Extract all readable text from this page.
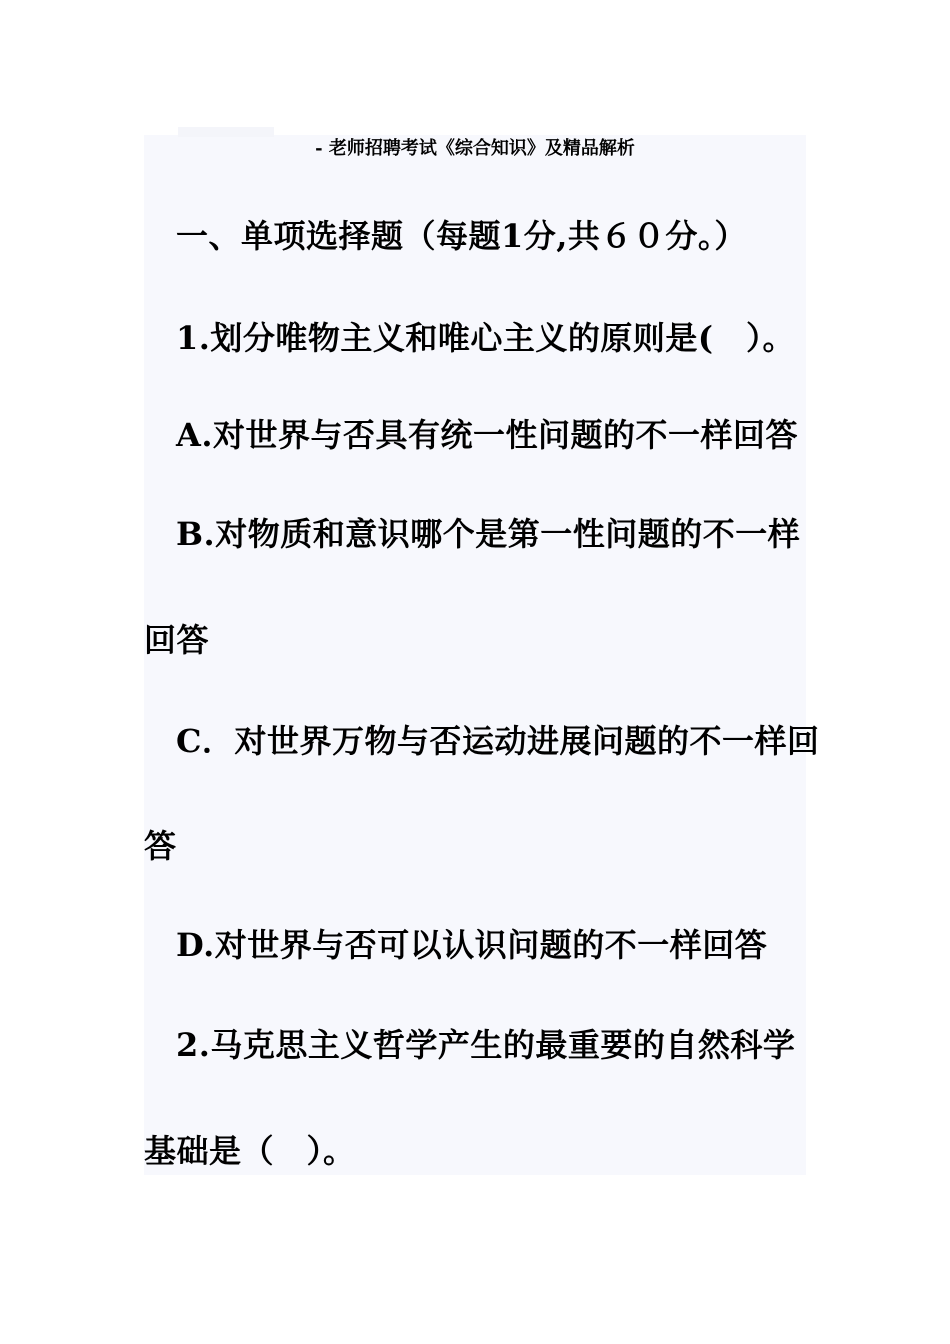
- 老师招聘考试《综合知识》及精品解析
一、单项选择题（每题1分,共６０分。）
1.划分唯物主义和唯心主义的原则是(　）。
A.对世界与否具有统一性问题的不一样回答
B.对物质和意识哪个是第一性问题的不一样
回答
C．对世界万物与否运动进展问题的不一样回
答
D.对世界与否可以认识问题的不一样回答
2.马克思主义哲学产生的最重要的自然科学
基础是（　）。
